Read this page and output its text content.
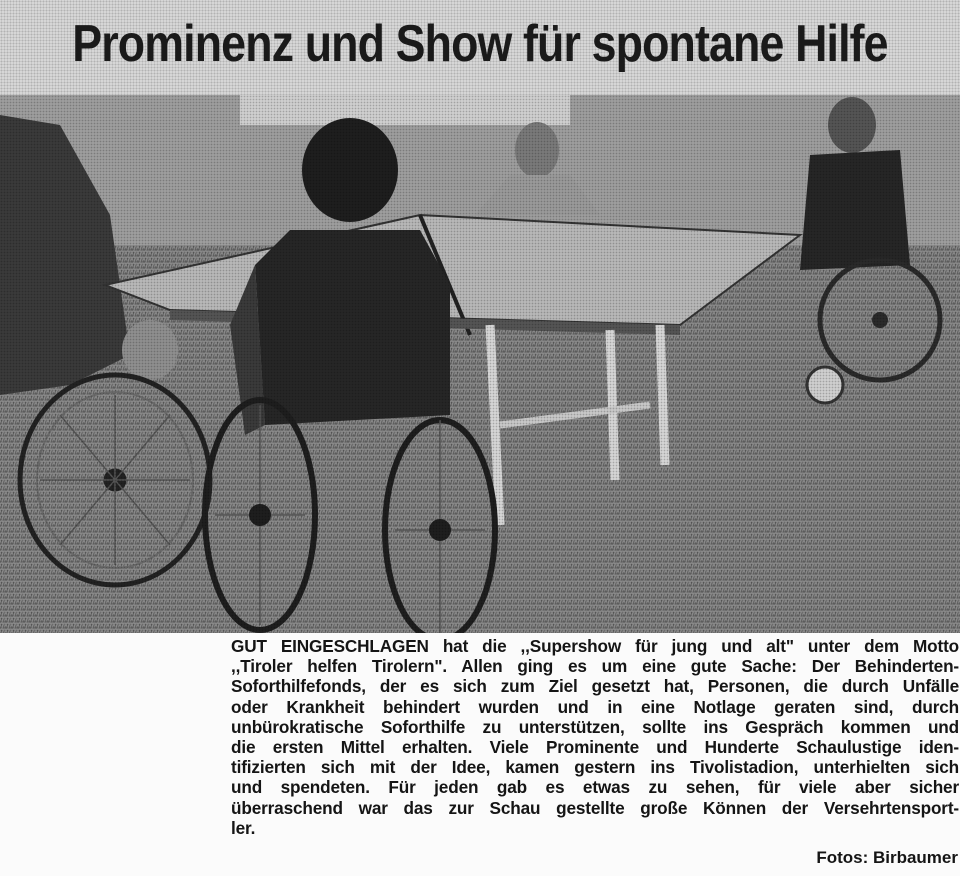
Prominenz und Show für spontane Hilfe
GUT EINGESCHLAGEN hat die ,,Supershow für jung und alt" unter dem Motto
,,Tiroler helfen Tirolern". Allen ging es um eine gute Sache: Der Behinderten-
Soforthilfefonds, der es sich zum Ziel gesetzt hat, Personen, die durch Unfälle
oder Krankheit behindert wurden und in eine Notlage geraten sind, durch
unbürokratische Soforthilfe zu unterstützen, sollte ins Gespräch kommen und
die ersten Mittel erhalten. Viele Prominente und Hunderte Schaulustige iden-
tifizierten sich mit der Idee, kamen gestern ins Tivolistadion, unterhielten sich
und spendeten. Für jeden gab es etwas zu sehen, für viele aber sicher
überraschend war das zur Schau gestellte große Können der Versehrtensport-
ler.
Fotos: Birbaumer
